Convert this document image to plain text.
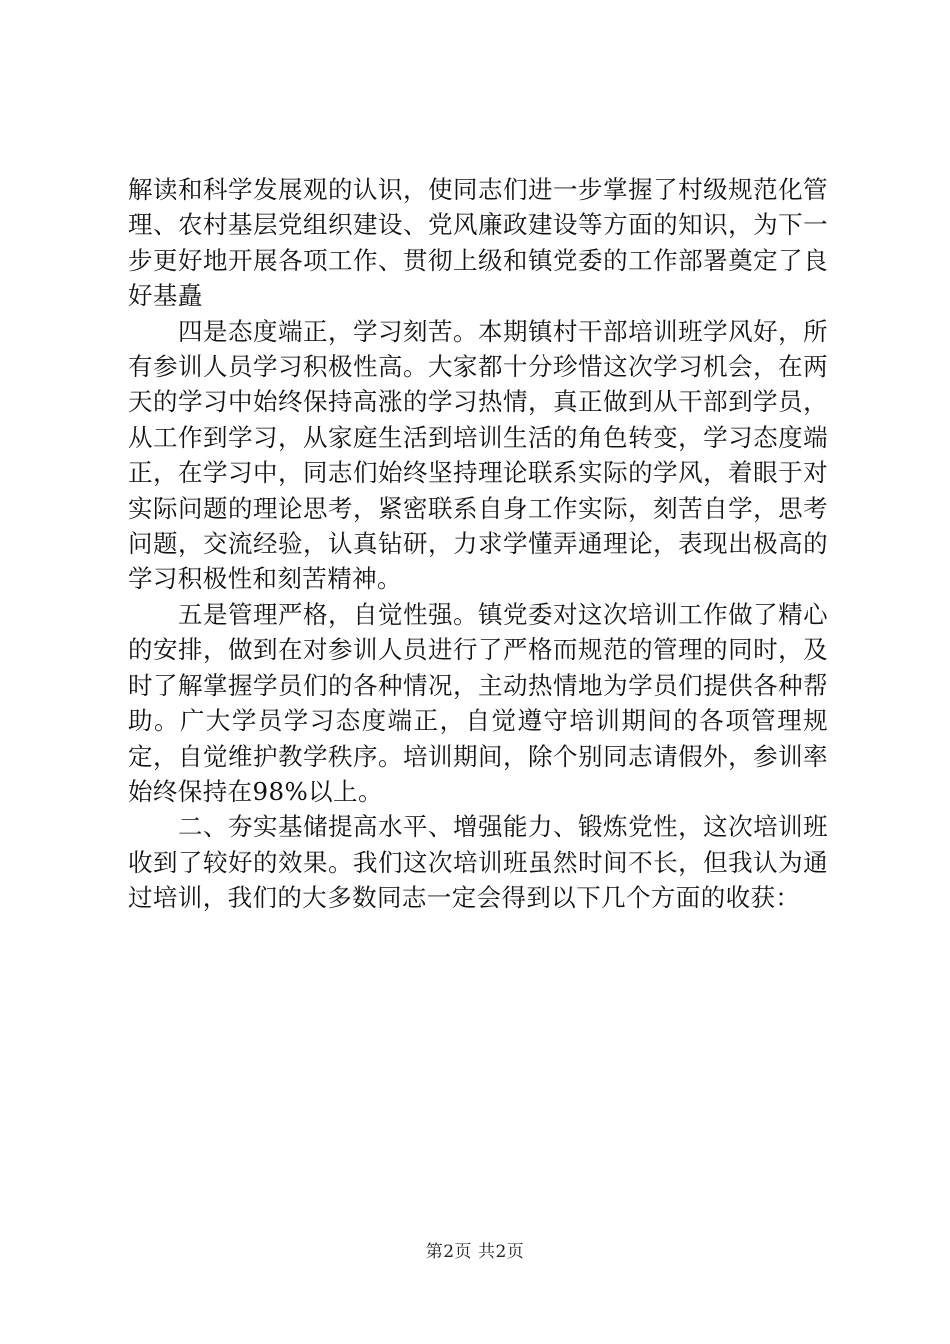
解读和科学发展观的认识，使同志们进一步掌握了村级规范化管理、农村基层党组织建设、党风廉政建设等方面的知识，为下一步更好地开展各项工作、贯彻上级和镇党委的工作部署奠定了良好基矗

四是态度端正，学习刻苦。本期镇村干部培训班学风好，所有参训人员学习积极性高。大家都十分珍惜这次学习机会，在两天的学习中始终保持高涨的学习热情，真正做到从干部到学员，从工作到学习，从家庭生活到培训生活的角色转变，学习态度端正，在学习中，同志们始终坚持理论联系实际的学风，着眼于对实际问题的理论思考，紧密联系自身工作实际，刻苦自学，思考问题，交流经验，认真钻研，力求学懂弄通理论，表现出极高的学习积极性和刻苦精神。

五是管理严格，自觉性强。镇党委对这次培训工作做了精心的安排，做到在对参训人员进行了严格而规范的管理的同时，及时了解掌握学员们的各种情况，主动热情地为学员们提供各种帮助。广大学员学习态度端正，自觉遵守培训期间的各项管理规定，自觉维护教学秩序。培训期间，除个别同志请假外，参训率始终保持在98%以上。

二、夯实基储提高水平、增强能力、锻炼党性，这次培训班收到了较好的效果。我们这次培训班虽然时间不长，但我认为通过培训，我们的大多数同志一定会得到以下几个方面的收获：

第2页 共2页
